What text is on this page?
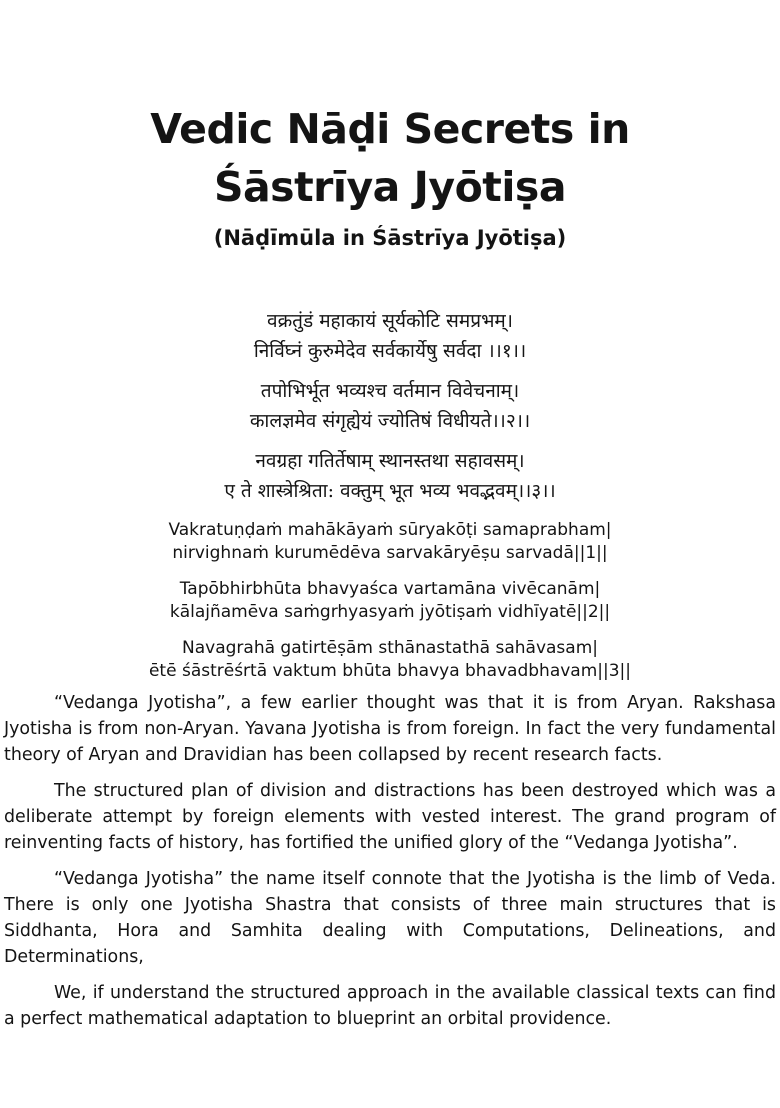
Vedic Nāḍi Secrets in
Śāstrīya Jyōtiṣa
(Nāḍīmūla in Śāstrīya Jyōtiṣa)
वक्रतुंडं महाकायं सूर्यकोटि समप्रभम्।
निर्विघ्नं कुरुमेदेव सर्वकार्येषु सर्वदा ।।१।।
तपोभिर्भूत भव्यश्च वर्तमान विवेचनाम्।
कालज्ञमेव संगृह्येयं ज्योतिषं विधीयते।।२।।
नवग्रहा गतिर्तेषाम् स्थानस्तथा सहावसम्।
ए ते शास्त्रेश्रिता: वक्तुम् भूत भव्य भवद्भवम्।।३।।
Vakratuṇḍaṁ mahākāyaṁ sūryakōṭi samaprabham|
nirvighnaṁ kurumēdēva sarvakāryēṣu sarvadā||1||
Tapōbhirbhūta bhavyaśca vartamāna vivēcanām|
kālajñamēva saṁgrhyasyaṁ jyōtiṣaṁ vidhīyatē||2||
Navagrahā gatirtēṣām sthānastathā sahāvasam|
ētē śāstrēśrtā vaktum bhūta bhavya bhavadbhavam||3||

“Vedanga Jyotisha”, a few earlier thought was that it is from Aryan. Rakshasa Jyotisha is from non-Aryan. Yavana Jyotisha is from foreign. In fact the very fundamental theory of Aryan and Dravidian has been collapsed by recent research facts.

The structured plan of division and distractions has been destroyed which was a deliberate attempt by foreign elements with vested interest. The grand program of reinventing facts of history, has fortified the unified glory of the “Vedanga Jyotisha”.

“Vedanga Jyotisha” the name itself connote that the Jyotisha is the limb of Veda. There is only one Jyotisha Shastra that consists of three main structures that is Siddhanta, Hora and Samhita dealing with Computations, Delineations, and Determinations,

We, if understand the structured approach in the available classical texts can find a perfect mathematical adaptation to blueprint an orbital providence.
